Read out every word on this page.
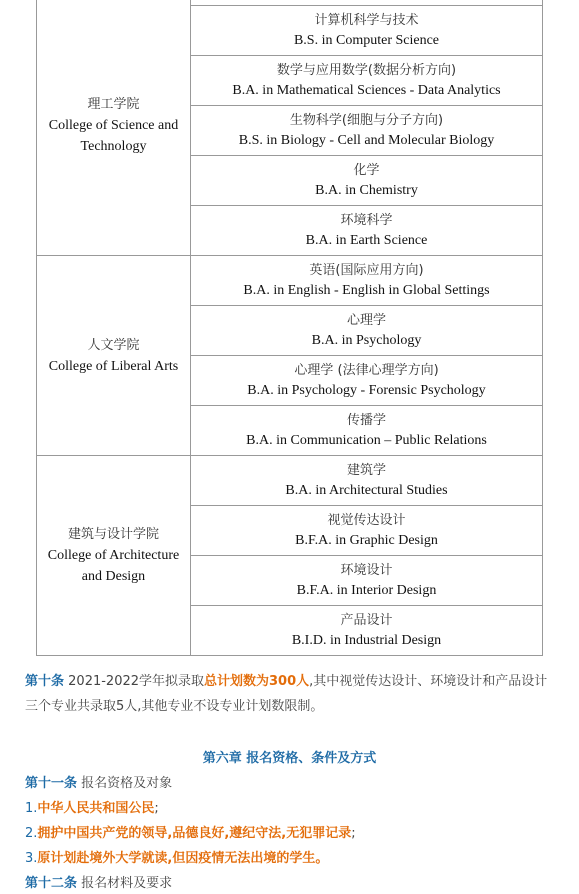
理工学院
College of Science and Technology	

	计算机科学与技术
B.S. in Computer Science

	数学与应用数学(数据分析方向)
B.A. in Mathematical Sciences - Data Analytics

	生物科学(细胞与分子方向)
B.S. in Biology - Cell and Molecular Biology

	化学
B.A. in Chemistry

	环境科学
B.A. in Earth Science

人文学院
College of Liberal Arts	英语(国际应用方向)
B.A. in English - English in Global Settings

	心理学
B.A. in Psychology

	心理学 (法律心理学方向)
B.A. in Psychology - Forensic Psychology

	传播学
B.A. in Communication – Public Relations

建筑与设计学院
College of Architecture and Design	建筑学
B.A. in Architectural Studies

	视觉传达设计
B.F.A. in Graphic Design

	环境设计
B.F.A. in Interior Design

	产品设计
B.I.D. in Industrial Design
第十条 2021-2022学年拟录取总计划数为300人,其中视觉传达设计、环境设计和产品设计三个专业共录取5人,其他专业不设专业计划数限制。
第六章 报名资格、条件及方式
第十一条 报名资格及对象
1.中华人民共和国公民;
2.拥护中国共产党的领导,品德良好,遵纪守法,无犯罪记录;
3.原计划赴境外大学就读,但因疫情无法出境的学生。
第十二条 报名材料及要求
